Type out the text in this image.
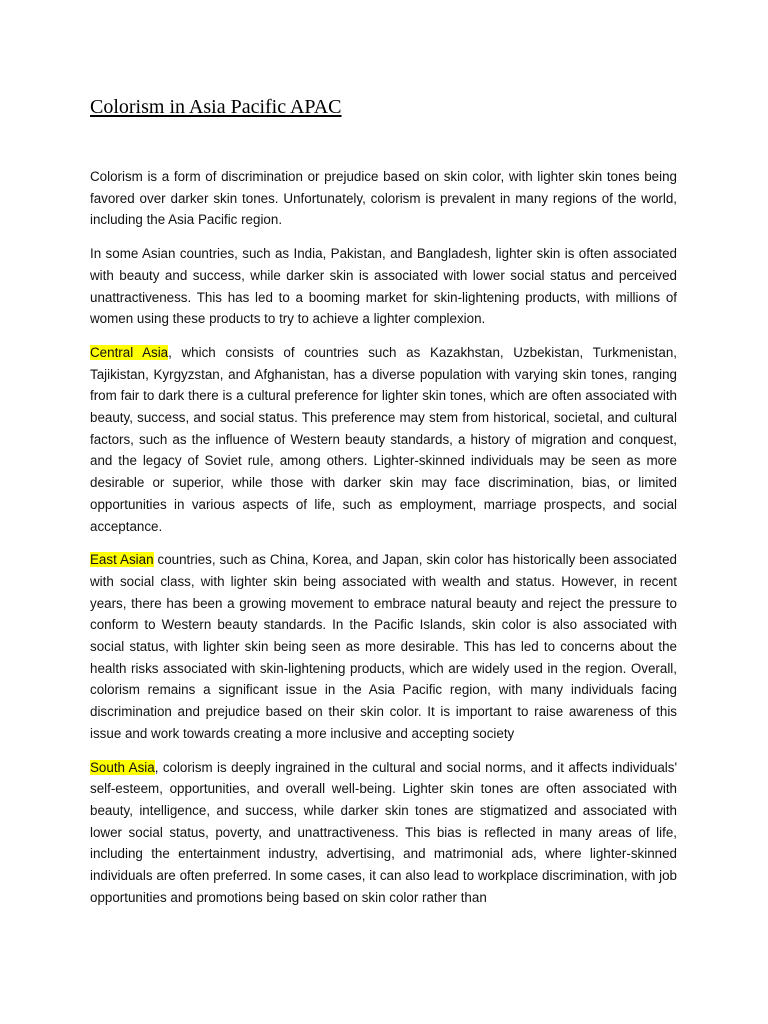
Colorism in Asia Pacific APAC

Colorism is a form of discrimination or prejudice based on skin color, with lighter skin tones being favored over darker skin tones. Unfortunately, colorism is prevalent in many regions of the world, including the Asia Pacific region.

In some Asian countries, such as India, Pakistan, and Bangladesh, lighter skin is often associated with beauty and success, while darker skin is associated with lower social status and perceived unattractiveness. This has led to a booming market for skin-lightening products, with millions of women using these products to try to achieve a lighter complexion.

Central Asia, which consists of countries such as Kazakhstan, Uzbekistan, Turkmenistan, Tajikistan, Kyrgyzstan, and Afghanistan, has a diverse population with varying skin tones, ranging from fair to dark there is a cultural preference for lighter skin tones, which are often associated with beauty, success, and social status. This preference may stem from historical, societal, and cultural factors, such as the influence of Western beauty standards, a history of migration and conquest, and the legacy of Soviet rule, among others. Lighter-skinned individuals may be seen as more desirable or superior, while those with darker skin may face discrimination, bias, or limited opportunities in various aspects of life, such as employment, marriage prospects, and social acceptance.

East Asian countries, such as China, Korea, and Japan, skin color has historically been associated with social class, with lighter skin being associated with wealth and status. However, in recent years, there has been a growing movement to embrace natural beauty and reject the pressure to conform to Western beauty standards. In the Pacific Islands, skin color is also associated with social status, with lighter skin being seen as more desirable. This has led to concerns about the health risks associated with skin-lightening products, which are widely used in the region. Overall, colorism remains a significant issue in the Asia Pacific region, with many individuals facing discrimination and prejudice based on their skin color. It is important to raise awareness of this issue and work towards creating a more inclusive and accepting society

South Asia, colorism is deeply ingrained in the cultural and social norms, and it affects individuals' self-esteem, opportunities, and overall well-being. Lighter skin tones are often associated with beauty, intelligence, and success, while darker skin tones are stigmatized and associated with lower social status, poverty, and unattractiveness. This bias is reflected in many areas of life, including the entertainment industry, advertising, and matrimonial ads, where lighter-skinned individuals are often preferred. In some cases, it can also lead to workplace discrimination, with job opportunities and promotions being based on skin color rather than
